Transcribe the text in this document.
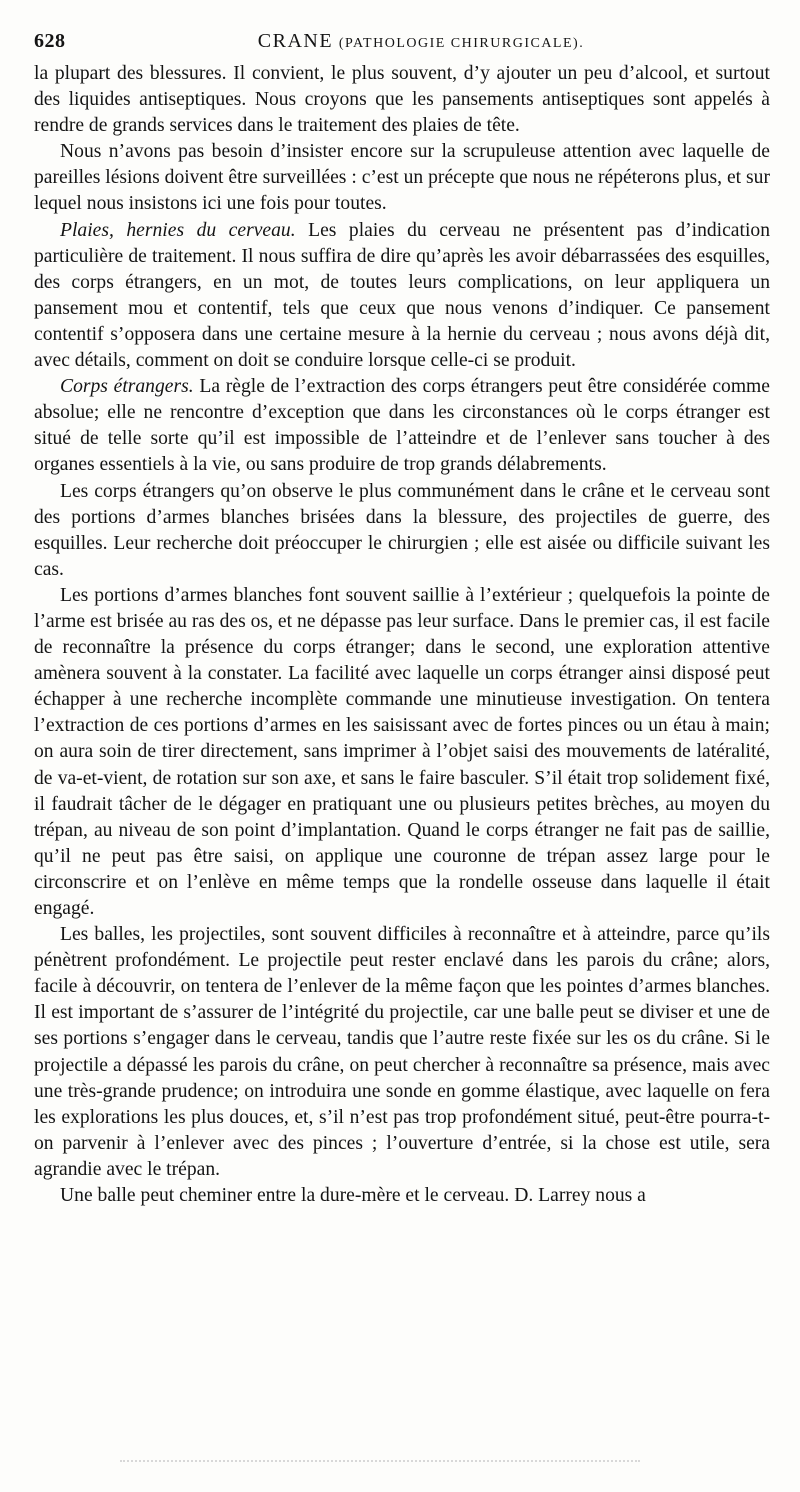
628	CRANE (PATHOLOGIE CHIRURGICALE).

la plupart des blessures. Il convient, le plus souvent, d’y ajouter un peu d’alcool, et surtout des liquides antiseptiques. Nous croyons que les pansements antiseptiques sont appelés à rendre de grands services dans le traitement des plaies de tête.

Nous n’avons pas besoin d’insister encore sur la scrupuleuse attention avec laquelle de pareilles lésions doivent être surveillées : c’est un précepte que nous ne répéterons plus, et sur lequel nous insistons ici une fois pour toutes.

Plaies, hernies du cerveau. Les plaies du cerveau ne présentent pas d’indication particulière de traitement. Il nous suffira de dire qu’après les avoir débarrassées des esquilles, des corps étrangers, en un mot, de toutes leurs complications, on leur appliquera un pansement mou et contentif, tels que ceux que nous venons d’indiquer. Ce pansement contentif s’opposera dans une certaine mesure à la hernie du cerveau ; nous avons déjà dit, avec détails, comment on doit se conduire lorsque celle-ci se produit.

Corps étrangers. La règle de l’extraction des corps étrangers peut être considérée comme absolue; elle ne rencontre d’exception que dans les circonstances où le corps étranger est situé de telle sorte qu’il est impossible de l’atteindre et de l’enlever sans toucher à des organes essentiels à la vie, ou sans produire de trop grands délabrements.

Les corps étrangers qu’on observe le plus communément dans le crâne et le cerveau sont des portions d’armes blanches brisées dans la blessure, des projectiles de guerre, des esquilles. Leur recherche doit préoccuper le chirurgien ; elle est aisée ou difficile suivant les cas.

Les portions d’armes blanches font souvent saillie à l’extérieur ; quelquefois la pointe de l’arme est brisée au ras des os, et ne dépasse pas leur surface. Dans le premier cas, il est facile de reconnaître la présence du corps étranger; dans le second, une exploration attentive amènera souvent à la constater. La facilité avec laquelle un corps étranger ainsi disposé peut échapper à une recherche incomplète commande une minutieuse investigation. On tentera l’extraction de ces portions d’armes en les saisissant avec de fortes pinces ou un étau à main; on aura soin de tirer directement, sans imprimer à l’objet saisi des mouvements de latéralité, de va-et-vient, de rotation sur son axe, et sans le faire basculer. S’il était trop solidement fixé, il faudrait tâcher de le dégager en pratiquant une ou plusieurs petites brèches, au moyen du trépan, au niveau de son point d’implantation. Quand le corps étranger ne fait pas de saillie, qu’il ne peut pas être saisi, on applique une couronne de trépan assez large pour le circonscrire et on l’enlève en même temps que la rondelle osseuse dans laquelle il était engagé.

Les balles, les projectiles, sont souvent difficiles à reconnaître et à atteindre, parce qu’ils pénètrent profondément. Le projectile peut rester enclavé dans les parois du crâne; alors, facile à découvrir, on tentera de l’enlever de la même façon que les pointes d’armes blanches. Il est important de s’assurer de l’intégrité du projectile, car une balle peut se diviser et une de ses portions s’engager dans le cerveau, tandis que l’autre reste fixée sur les os du crâne. Si le projectile a dépassé les parois du crâne, on peut chercher à reconnaître sa présence, mais avec une très-grande prudence; on introduira une sonde en gomme élastique, avec laquelle on fera les explorations les plus douces, et, s’il n’est pas trop profondément situé, peut-être pourra-t-on parvenir à l’enlever avec des pinces ; l’ouverture d’entrée, si la chose est utile, sera agrandie avec le trépan.

Une balle peut cheminer entre la dure-mère et le cerveau. D. Larrey nous a
